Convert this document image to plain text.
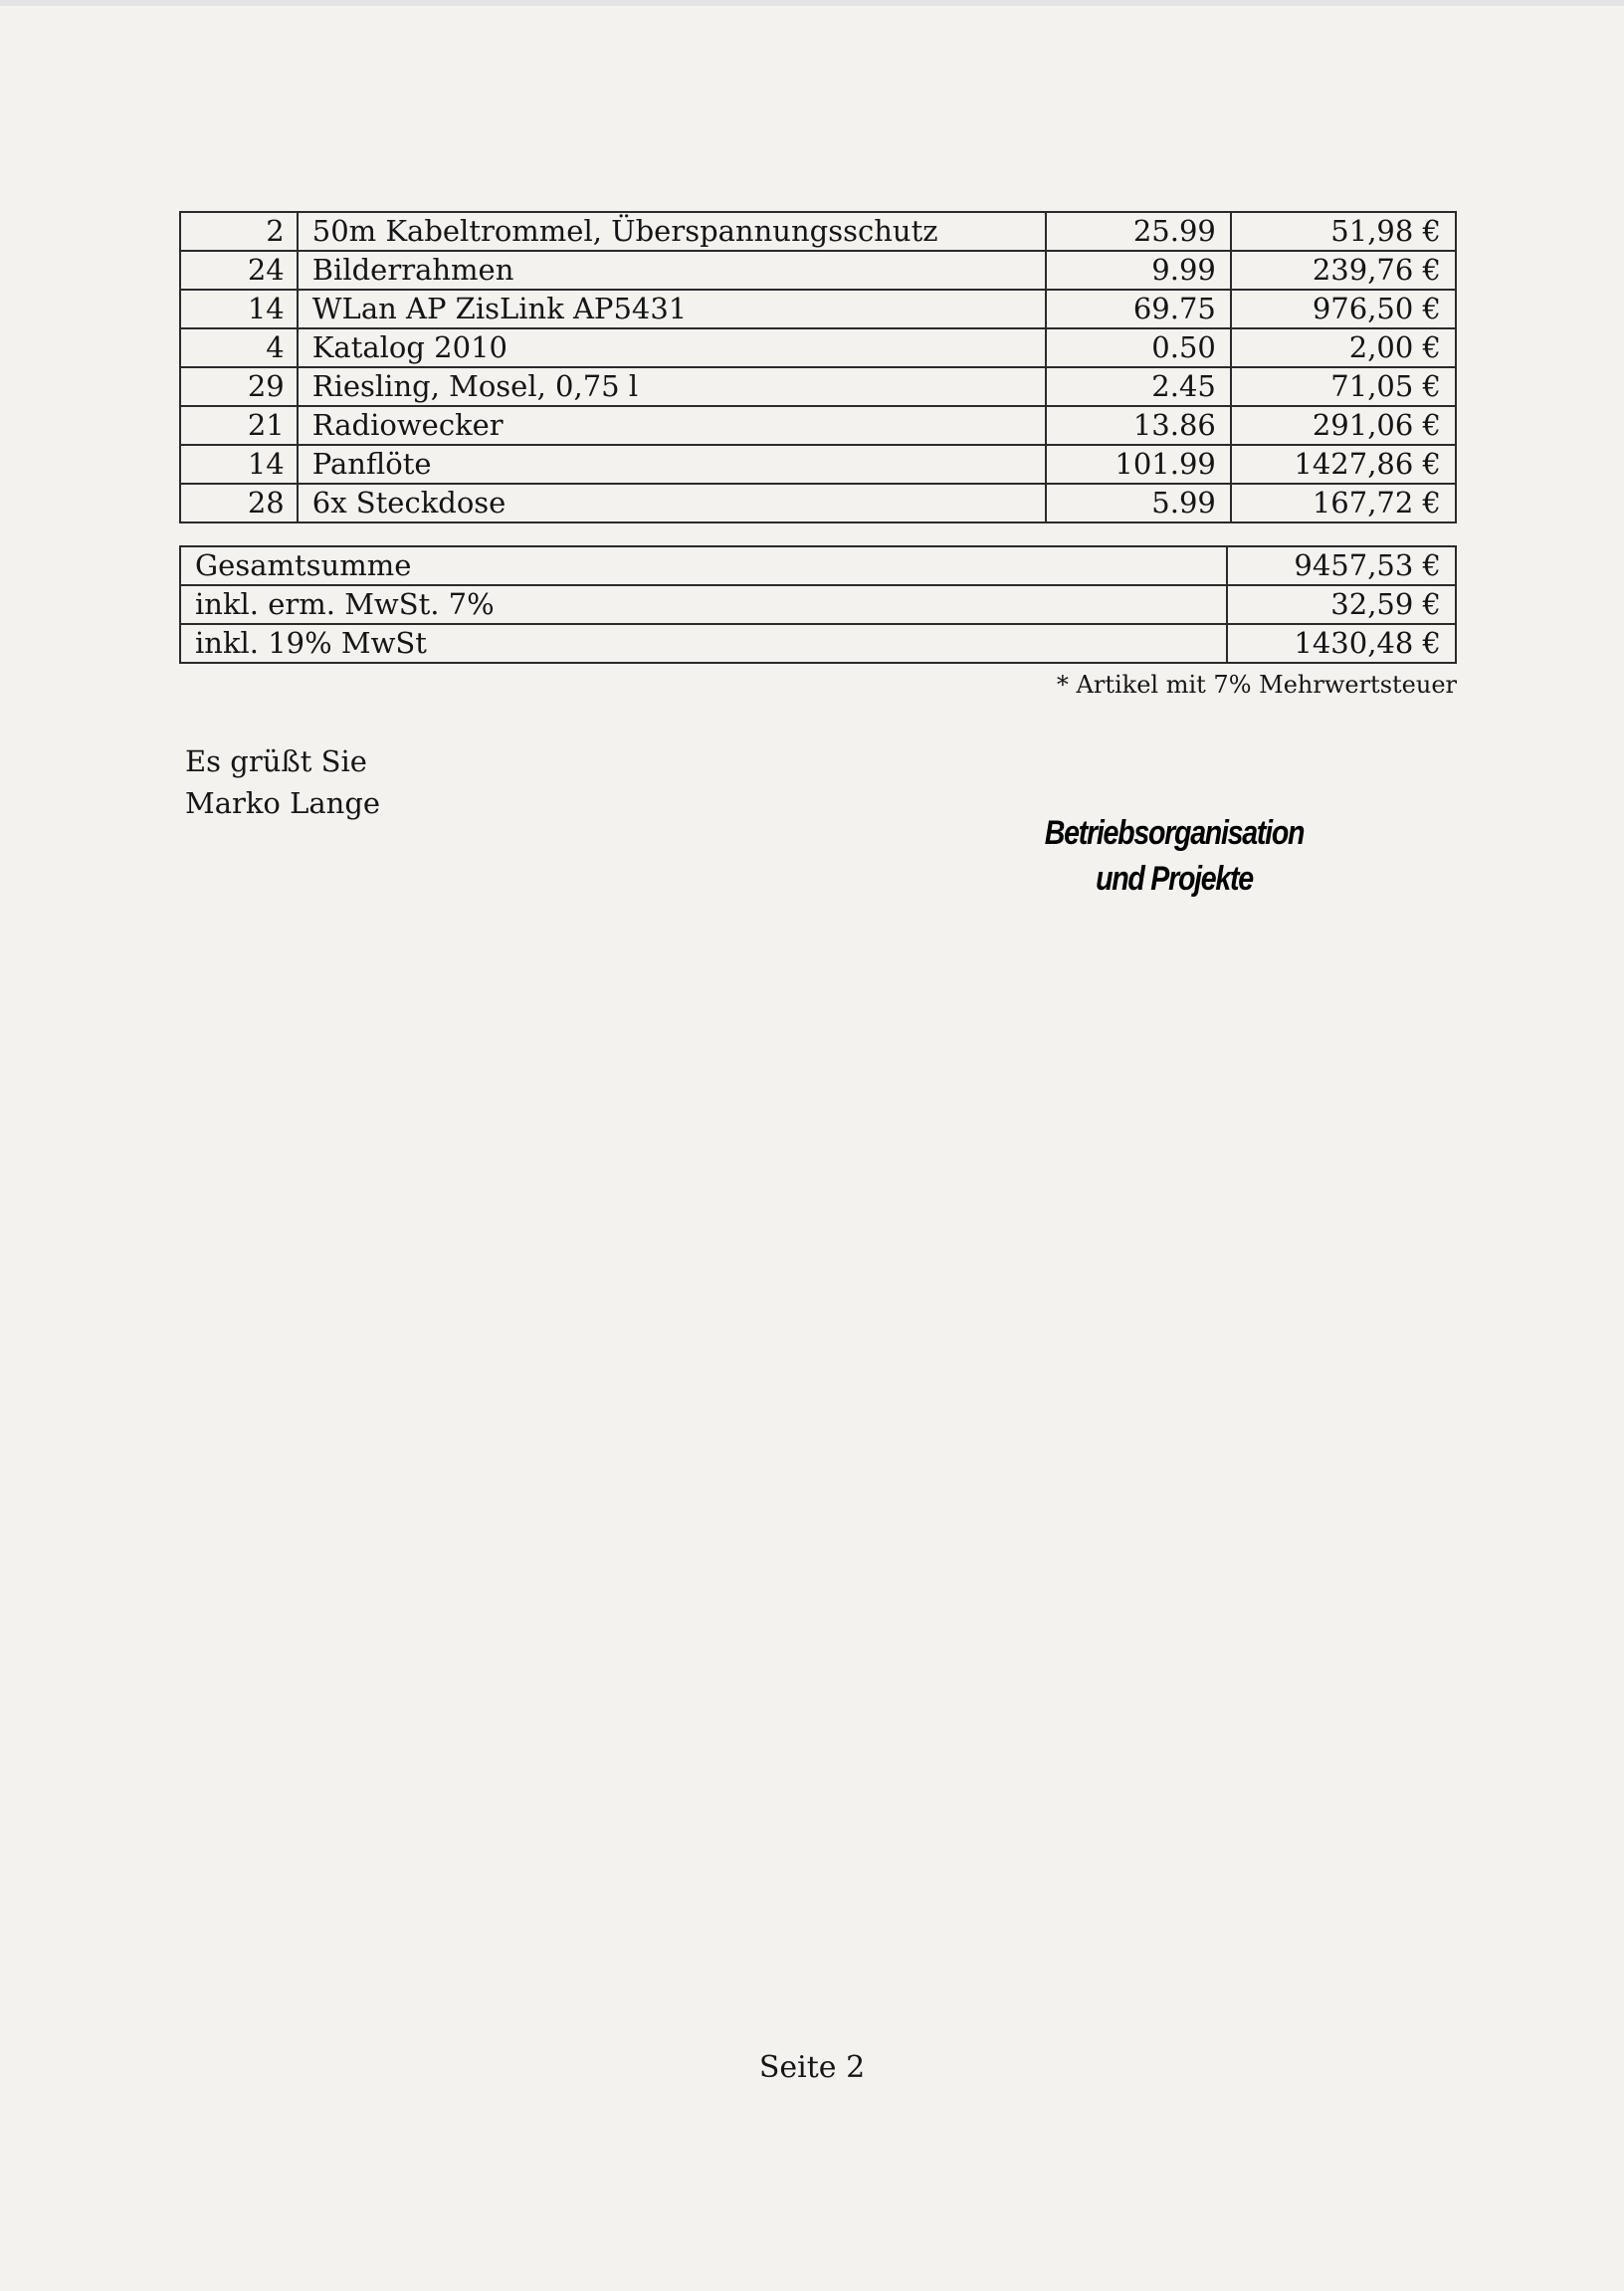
2	50m Kabeltrommel, Überspannungsschutz	25.99	51,98 €
24	Bilderrahmen	9.99	239,76 €
14	WLan AP ZisLink AP5431	69.75	976,50 €
4	Katalog 2010	0.50	2,00 €
29	Riesling, Mosel, 0,75 l	2.45	71,05 €
21	Radiowecker	13.86	291,06 €
14	Panflöte	101.99	1427,86 €
28	6x Steckdose	5.99	167,72 €
Gesamtsumme	9457,53 €
inkl. erm. MwSt. 7%	32,59 €
inkl. 19% MwSt	1430,48 €
* Artikel mit 7% Mehrwertsteuer
Es grüßt Sie
Marko Lange
Betriebsorganisation
und Projekte
Seite 2
